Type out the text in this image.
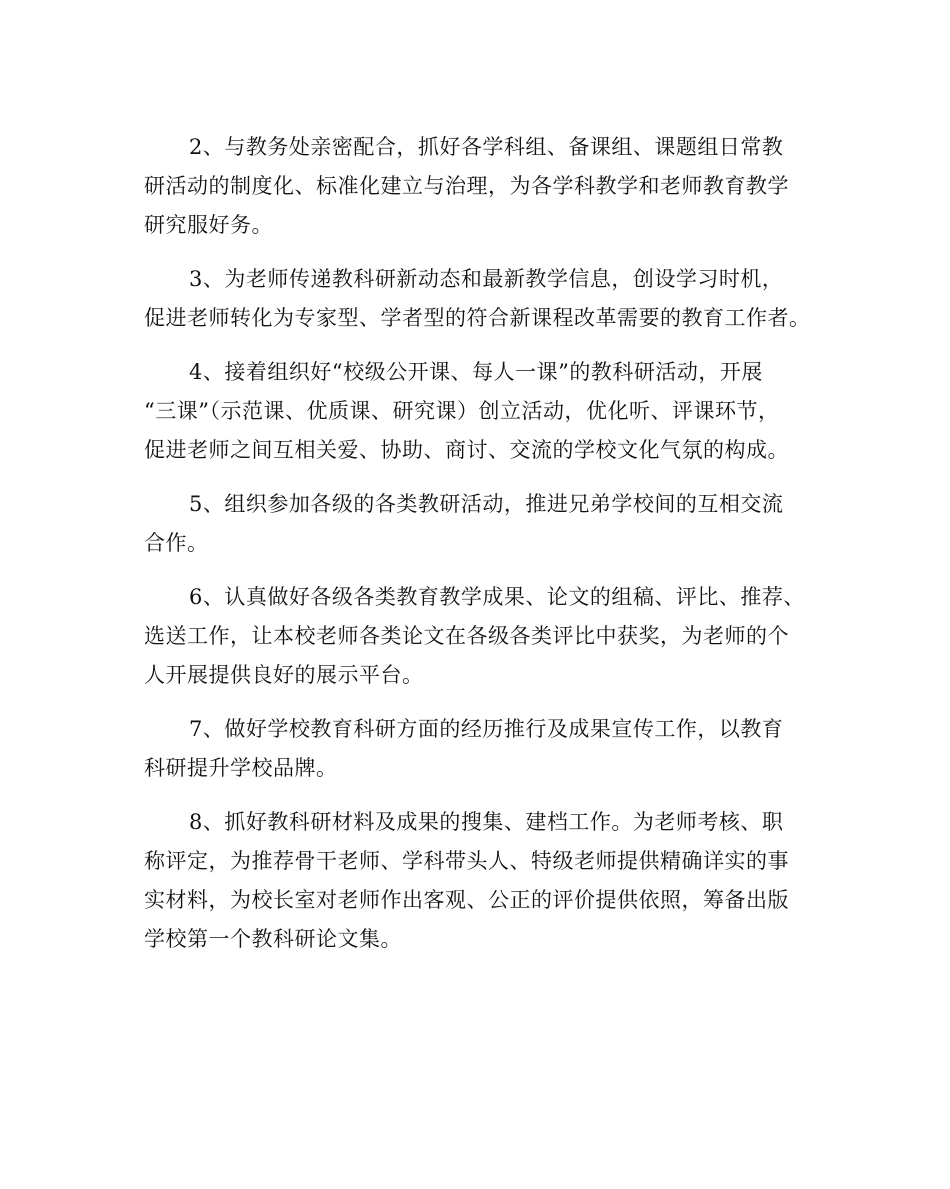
2、与教务处亲密配合，抓好各学科组、备课组、课题组日常教
研活动的制度化、标准化建立与治理，为各学科教学和老师教育教学
研究服好务。

3、为老师传递教科研新动态和最新教学信息，创设学习时机，
促进老师转化为专家型、学者型的符合新课程改革需要的教育工作者。

4、接着组织好“校级公开课、每人一课”的教科研活动，开展
“三课”（示范课、优质课、研究课）创立活动，优化听、评课环节，
促进老师之间互相关爱、协助、商讨、交流的学校文化气氛的构成。

5、组织参加各级的各类教研活动，推进兄弟学校间的互相交流
合作。

6、认真做好各级各类教育教学成果、论文的组稿、评比、推荐、
选送工作，让本校老师各类论文在各级各类评比中获奖，为老师的个
人开展提供良好的展示平台。

7、做好学校教育科研方面的经历推行及成果宣传工作，以教育
科研提升学校品牌。

8、抓好教科研材料及成果的搜集、建档工作。为老师考核、职
称评定，为推荐骨干老师、学科带头人、特级老师提供精确详实的事
实材料，为校长室对老师作出客观、公正的评价提供依照，筹备出版
学校第一个教科研论文集。
